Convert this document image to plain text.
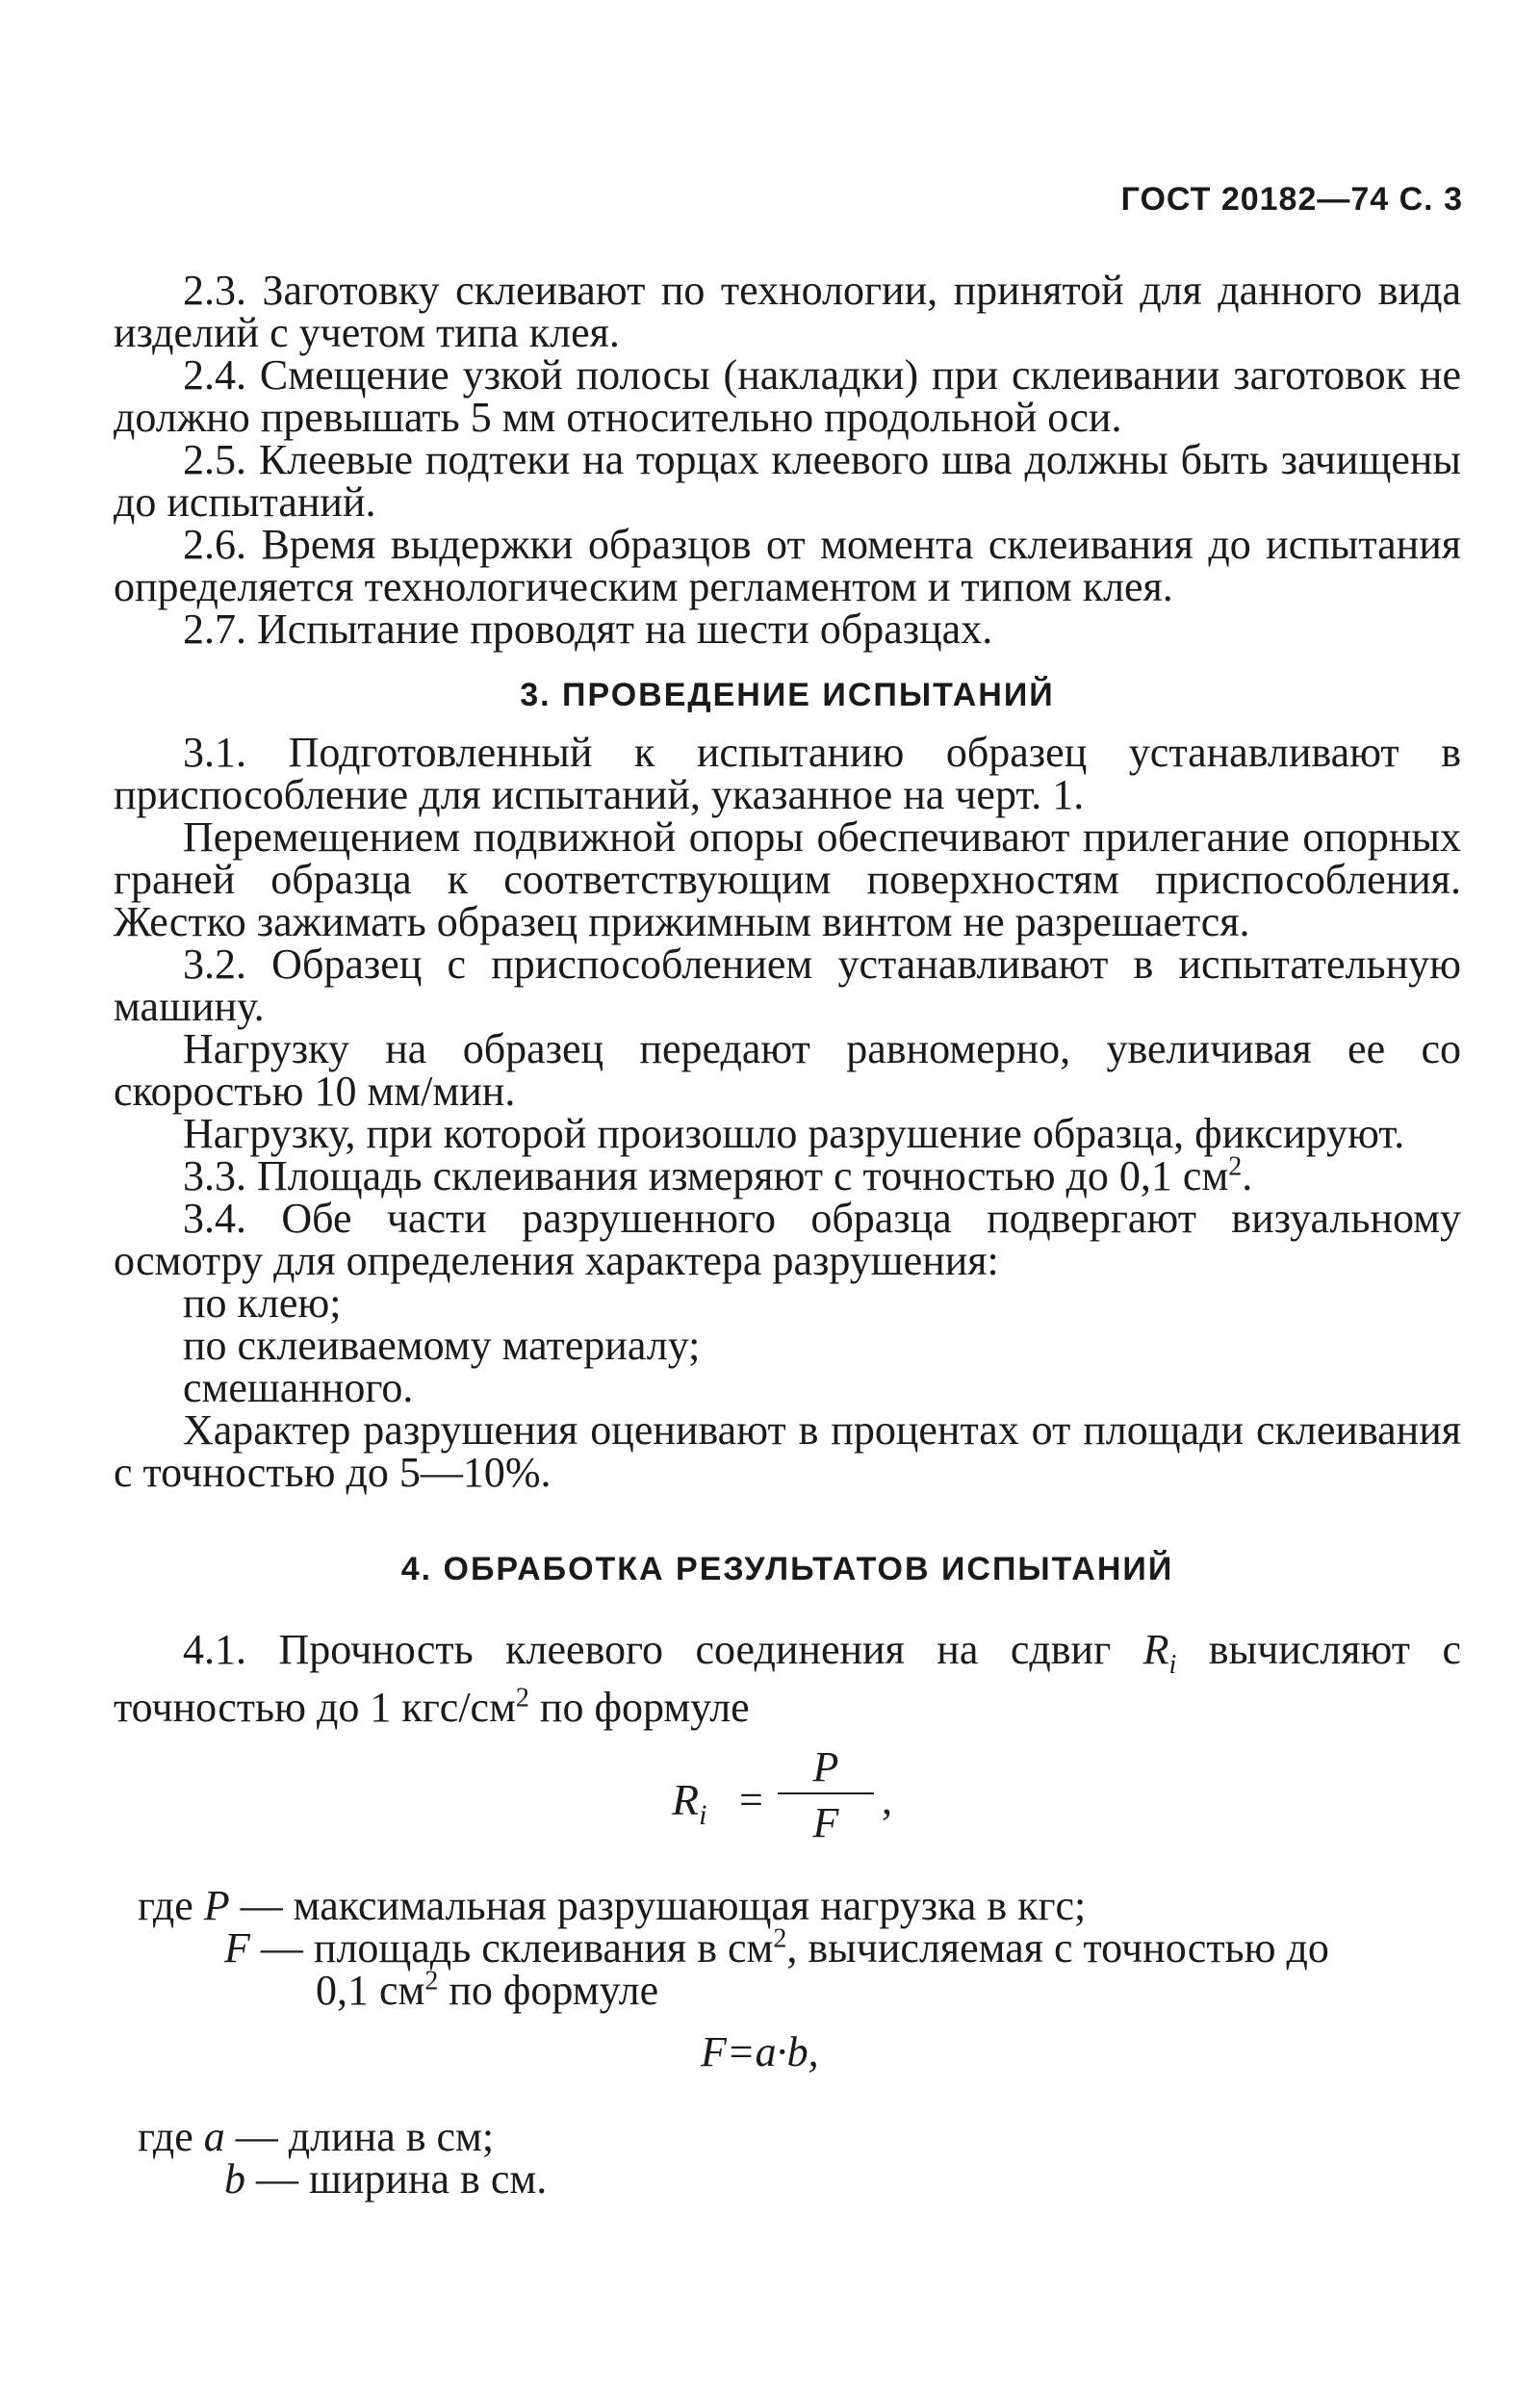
ГОСТ 20182—74 С. 3

2.3. Заготовку склеивают по технологии, принятой для данного вида изделий с учетом типа клея.

2.4. Смещение узкой полосы (накладки) при склеивании заготовок не должно превышать 5 мм относительно продольной оси.

2.5. Клеевые подтеки на торцах клеевого шва должны быть зачищены до испытаний.

2.6. Время выдержки образцов от момента склеивания до испытания определяется технологическим регламентом и типом клея.

2.7. Испытание проводят на шести образцах.

3. ПРОВЕДЕНИЕ ИСПЫТАНИЙ

3.1. Подготовленный к испытанию образец устанавливают в приспособление для испытаний, указанное на черт. 1.

Перемещением подвижной опоры обеспечивают прилегание опорных граней образца к соответствующим поверхностям приспособления. Жестко зажимать образец прижимным винтом не разрешается.

3.2. Образец с приспособлением устанавливают в испытательную машину.

Нагрузку на образец передают равномерно, увеличивая ее со скоростью 10 мм/мин.

Нагрузку, при которой произошло разрушение образца, фиксируют.

3.3. Площадь склеивания измеряют с точностью до 0,1 $см^2$.

3.4. Обе части разрушенного образца подвергают визуальному осмотру для определения характера разрушения:

по клею;

по склеиваемому материалу;

смешанного.

Характер разрушения оценивают в процентах от площади склеивания с точностью до 5—10%.

4. ОБРАБОТКА РЕЗУЛЬТАТОВ ИСПЫТАНИЙ

4.1. Прочность клеевого соединения на сдвиг $R_i$ вычисляют с точностью до 1 кгс/$см^2$ по формуле

$R_i$ =
P
F	,

где P — максимальная разрушающая нагрузка в кгс;

F — площадь склеивания в $см^2$, вычисляемая с точностью до

0,1 $см^2$ по формуле

F=a·b,

где a — длина в см;

b — ширина в см.
